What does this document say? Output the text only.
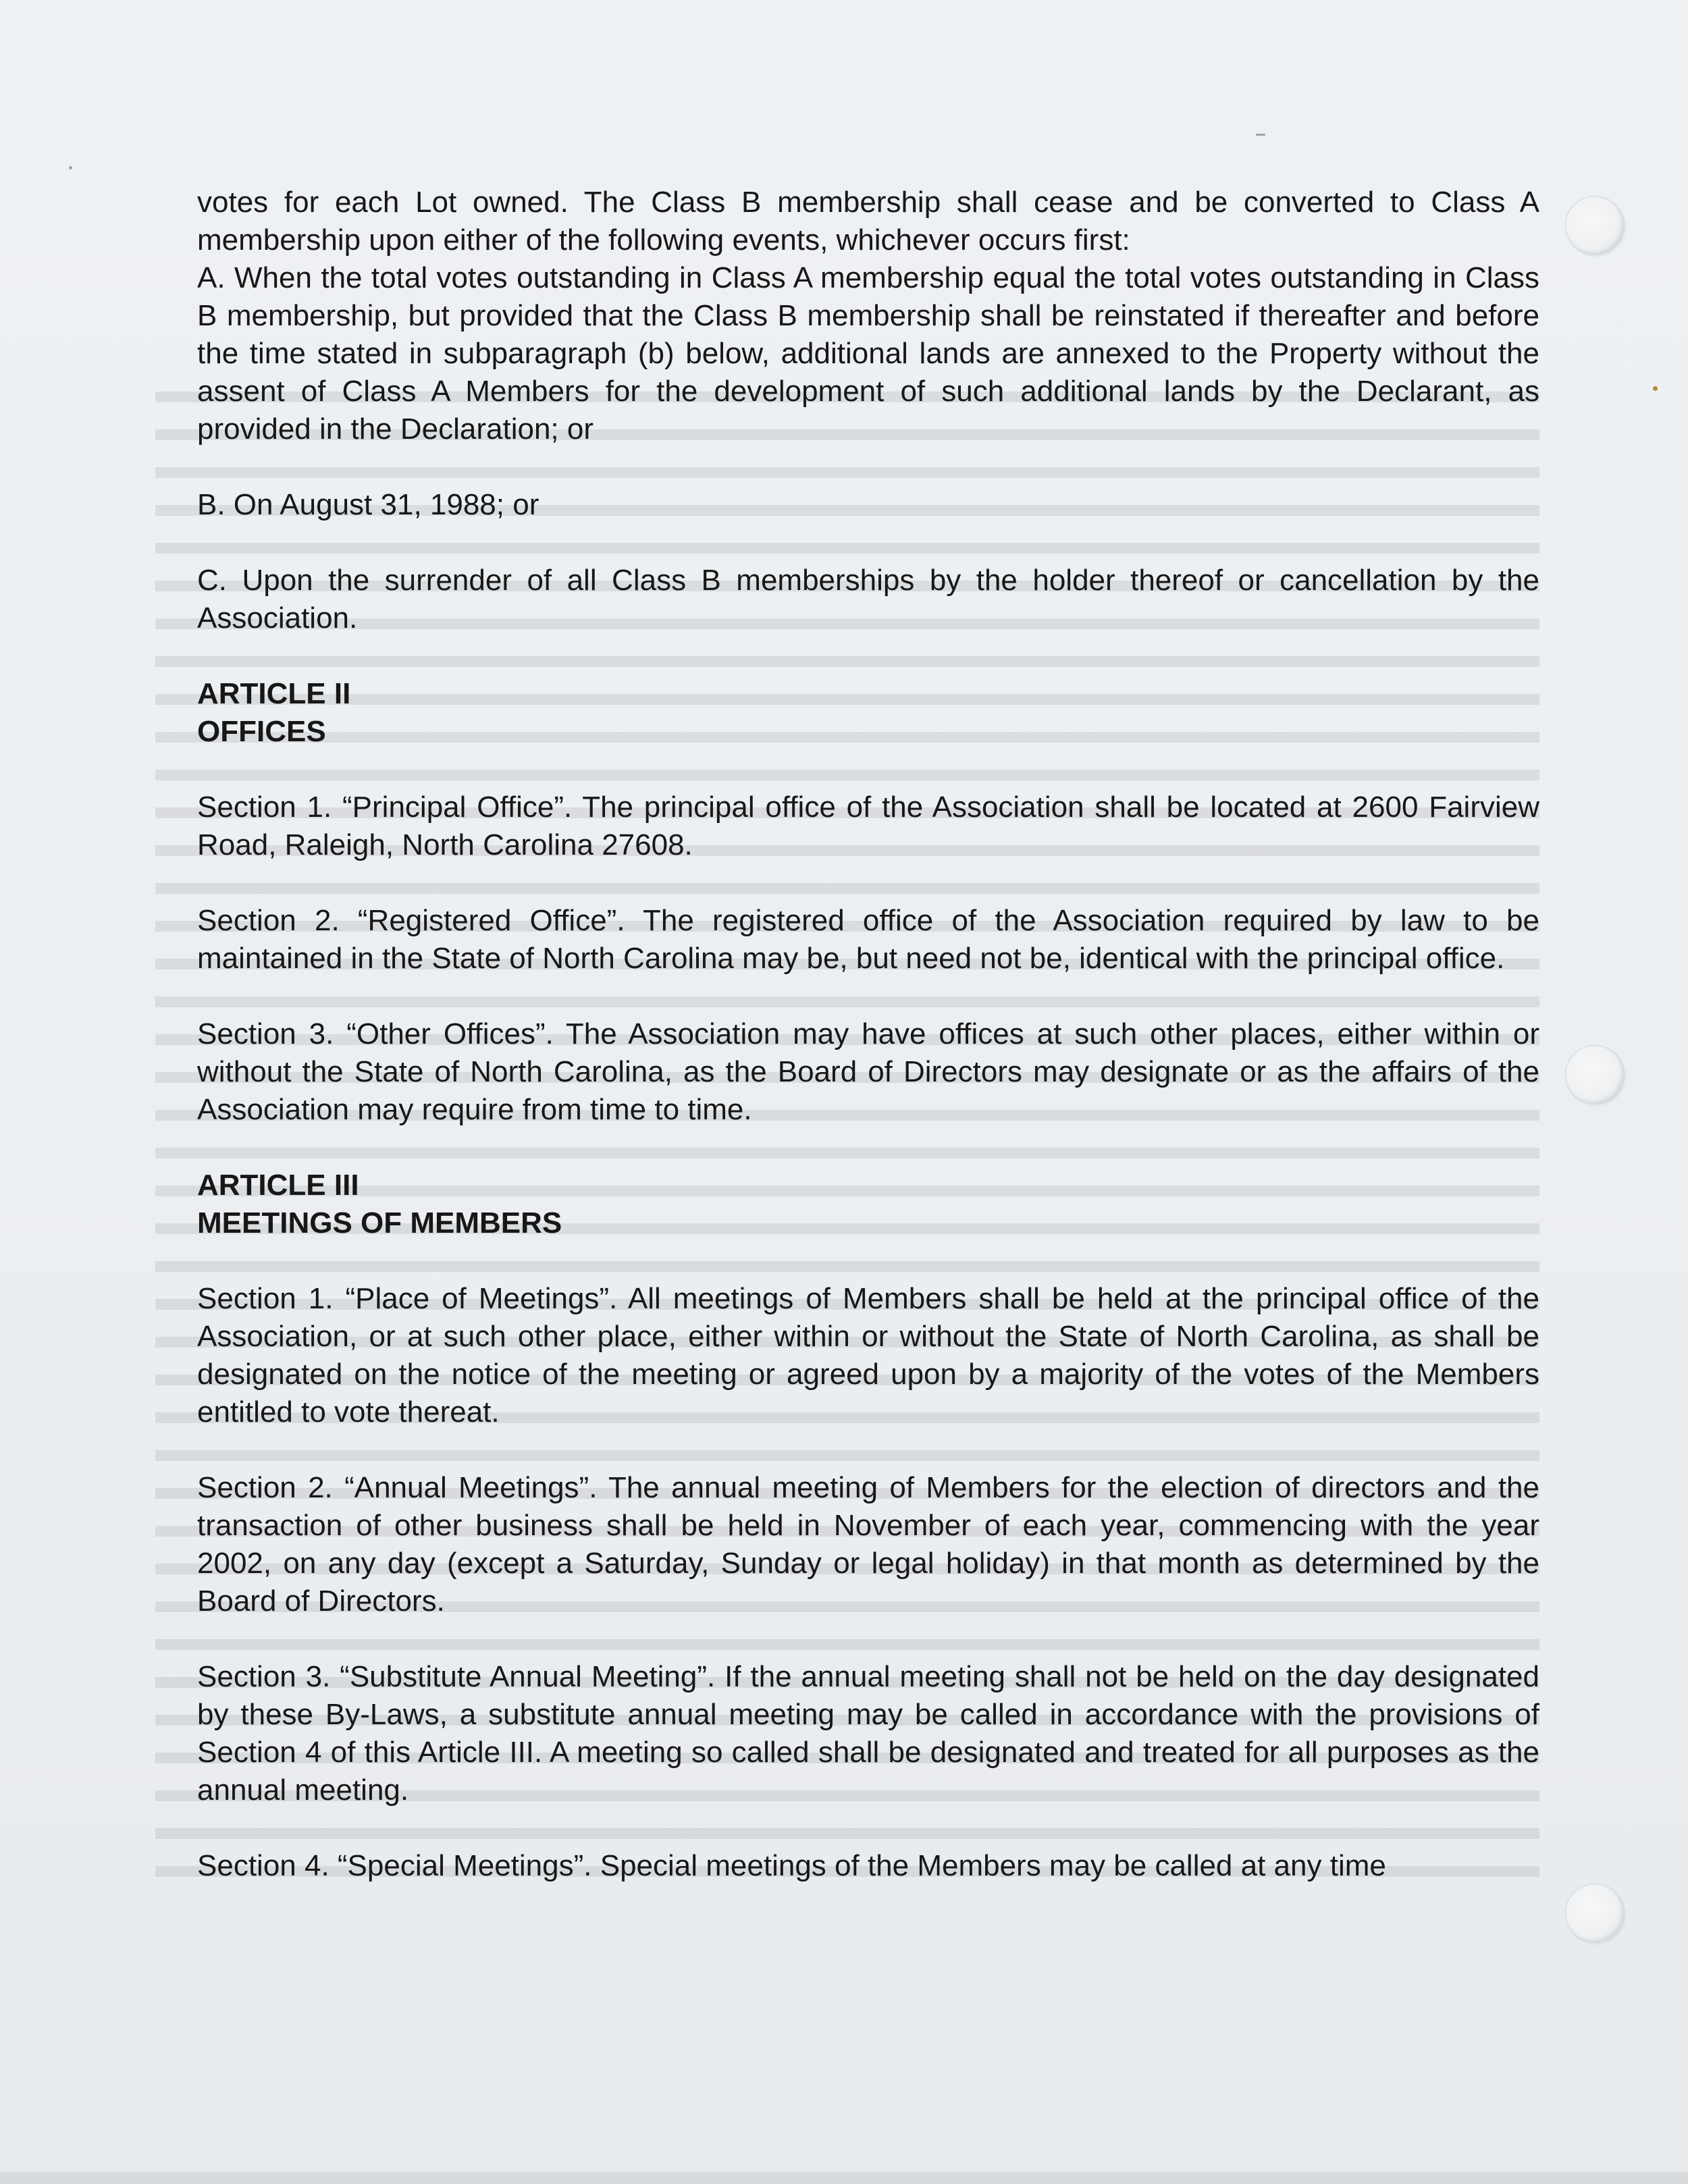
votes for each Lot owned. The Class B membership shall cease and be converted to Class A membership upon either of the following events, whichever occurs first:

A. When the total votes outstanding in Class A membership equal the total votes outstanding in Class B membership, but provided that the Class B membership shall be reinstated if thereafter and before the time stated in subparagraph (b) below, additional lands are annexed to the Property without the assent of Class A Members for the development of such additional lands by the Declarant, as provided in the Declaration; or

B. On August 31, 1988; or

C. Upon the surrender of all Class B memberships by the holder thereof or cancellation by the Association.

ARTICLE II

OFFICES

Section 1. “Principal Office”. The principal office of the Association shall be located at 2600 Fairview Road, Raleigh, North Carolina 27608.

Section 2. “Registered Office”. The registered office of the Association required by law to be maintained in the State of North Carolina may be, but need not be, identical with the principal office.

Section 3. “Other Offices”. The Association may have offices at such other places, either within or without the State of North Carolina, as the Board of Directors may designate or as the affairs of the Association may require from time to time.

ARTICLE III

MEETINGS OF MEMBERS

Section 1. “Place of Meetings”. All meetings of Members shall be held at the principal office of the Association, or at such other place, either within or without the State of North Carolina, as shall be designated on the notice of the meeting or agreed upon by a majority of the votes of the Members entitled to vote thereat.

Section 2. “Annual Meetings”. The annual meeting of Members for the election of directors and the transaction of other business shall be held in November of each year, commencing with the year 2002, on any day (except a Saturday, Sunday or legal holiday) in that month as determined by the Board of Directors.

Section 3. “Substitute Annual Meeting”. If the annual meeting shall not be held on the day designated by these By-Laws, a substitute annual meeting may be called in accordance with the provisions of Section 4 of this Article III. A meeting so called shall be designated and treated for all purposes as the annual meeting.

Section 4. “Special Meetings”. Special meetings of the Members may be called at any time
